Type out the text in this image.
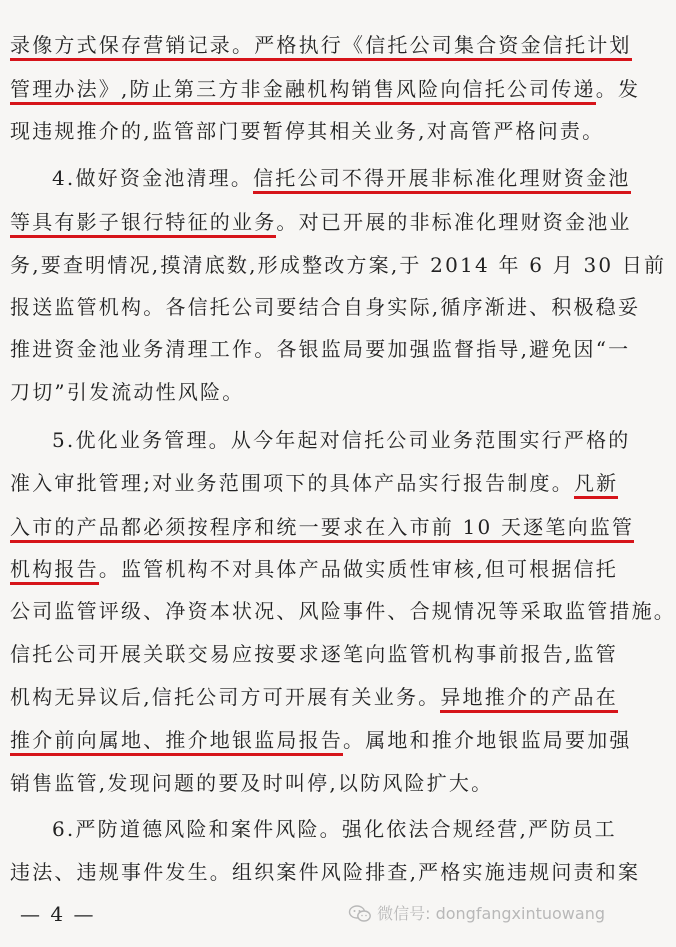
录像方式保存营销记录。严格执行《信托公司集合资金信托计划
管理办法》,防止第三方非金融机构销售风险向信托公司传递。发
现违规推介的,监管部门要暂停其相关业务,对高管严格问责。
4.做好资金池清理。信托公司不得开展非标准化理财资金池
等具有影子银行特征的业务。对已开展的非标准化理财资金池业
务,要查明情况,摸清底数,形成整改方案,于 2014 年 6 月 30 日前
报送监管机构。各信托公司要结合自身实际,循序渐进、积极稳妥
推进资金池业务清理工作。各银监局要加强监督指导,避免因“一
刀切”引发流动性风险。
5.优化业务管理。从今年起对信托公司业务范围实行严格的
准入审批管理;对业务范围项下的具体产品实行报告制度。凡新
入市的产品都必须按程序和统一要求在入市前 10 天逐笔向监管
机构报告。监管机构不对具体产品做实质性审核,但可根据信托
公司监管评级、净资本状况、风险事件、合规情况等采取监管措施。
信托公司开展关联交易应按要求逐笔向监管机构事前报告,监管
机构无异议后,信托公司方可开展有关业务。异地推介的产品在
推介前向属地、推介地银监局报告。属地和推介地银监局要加强
销售监管,发现问题的要及时叫停,以防风险扩大。
6.严防道德风险和案件风险。强化依法合规经营,严防员工
违法、违规事件发生。组织案件风险排查,严格实施违规问责和案
— 4 —	微信号: dongfangxintuowang
